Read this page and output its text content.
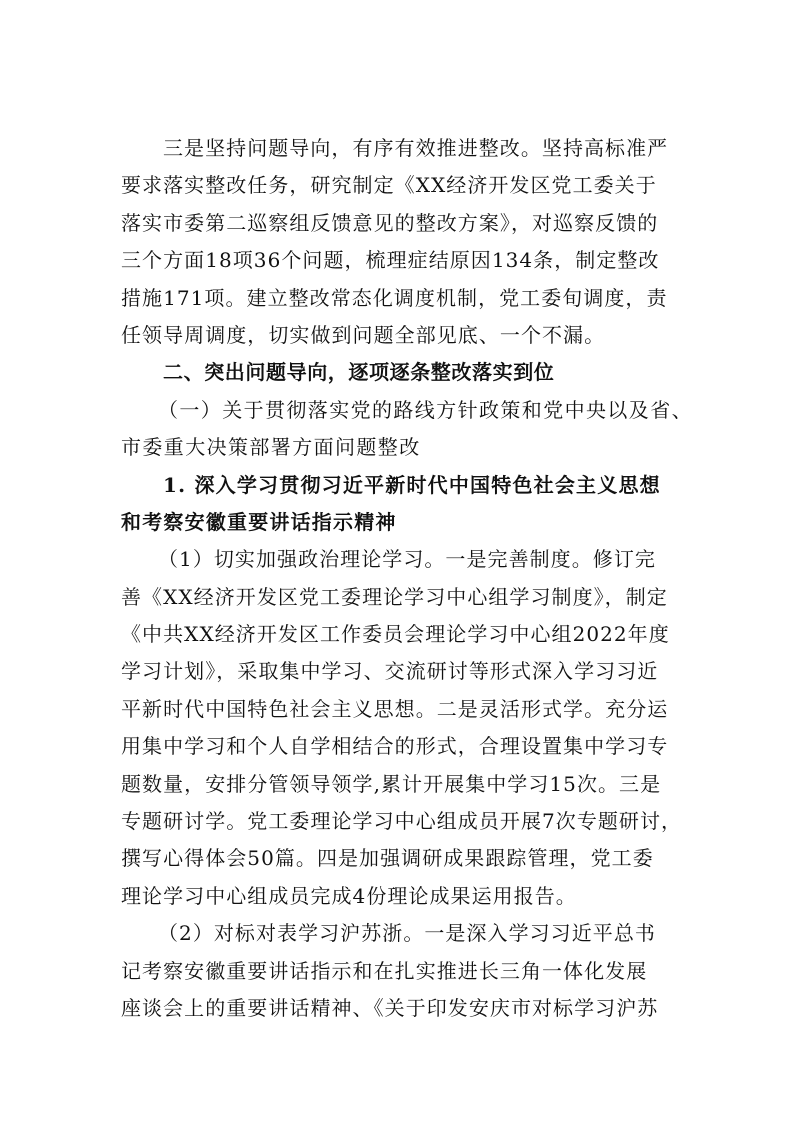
三是坚持问题导向，有序有效推进整改。坚持高标准严
要求落实整改任务，研究制定《XX经济开发区党工委关于
落实市委第二巡察组反馈意见的整改方案》，对巡察反馈的
三个方面18项36个问题，梳理症结原因134条，制定整改
措施171项。建立整改常态化调度机制，党工委旬调度，责
任领导周调度，切实做到问题全部见底、一个不漏。
二、突出问题导向，逐项逐条整改落实到位
（一）关于贯彻落实党的路线方针政策和党中央以及省、
市委重大决策部署方面问题整改
1. 深入学习贯彻习近平新时代中国特色社会主义思想
和考察安徽重要讲话指示精神
（1）切实加强政治理论学习。一是完善制度。修订完
善《XX经济开发区党工委理论学习中心组学习制度》，制定
《中共XX经济开发区工作委员会理论学习中心组2022年度
学习计划》，采取集中学习、交流研讨等形式深入学习习近
平新时代中国特色社会主义思想。二是灵活形式学。充分运
用集中学习和个人自学相结合的形式，合理设置集中学习专
题数量，安排分管领导领学,累计开展集中学习15次。三是
专题研讨学。党工委理论学习中心组成员开展7次专题研讨，
撰写心得体会50篇。四是加强调研成果跟踪管理，党工委
理论学习中心组成员完成4份理论成果运用报告。
（2）对标对表学习沪苏浙。一是深入学习习近平总书
记考察安徽重要讲话指示和在扎实推进长三角一体化发展
座谈会上的重要讲话精神、《关于印发安庆市对标学习沪苏
